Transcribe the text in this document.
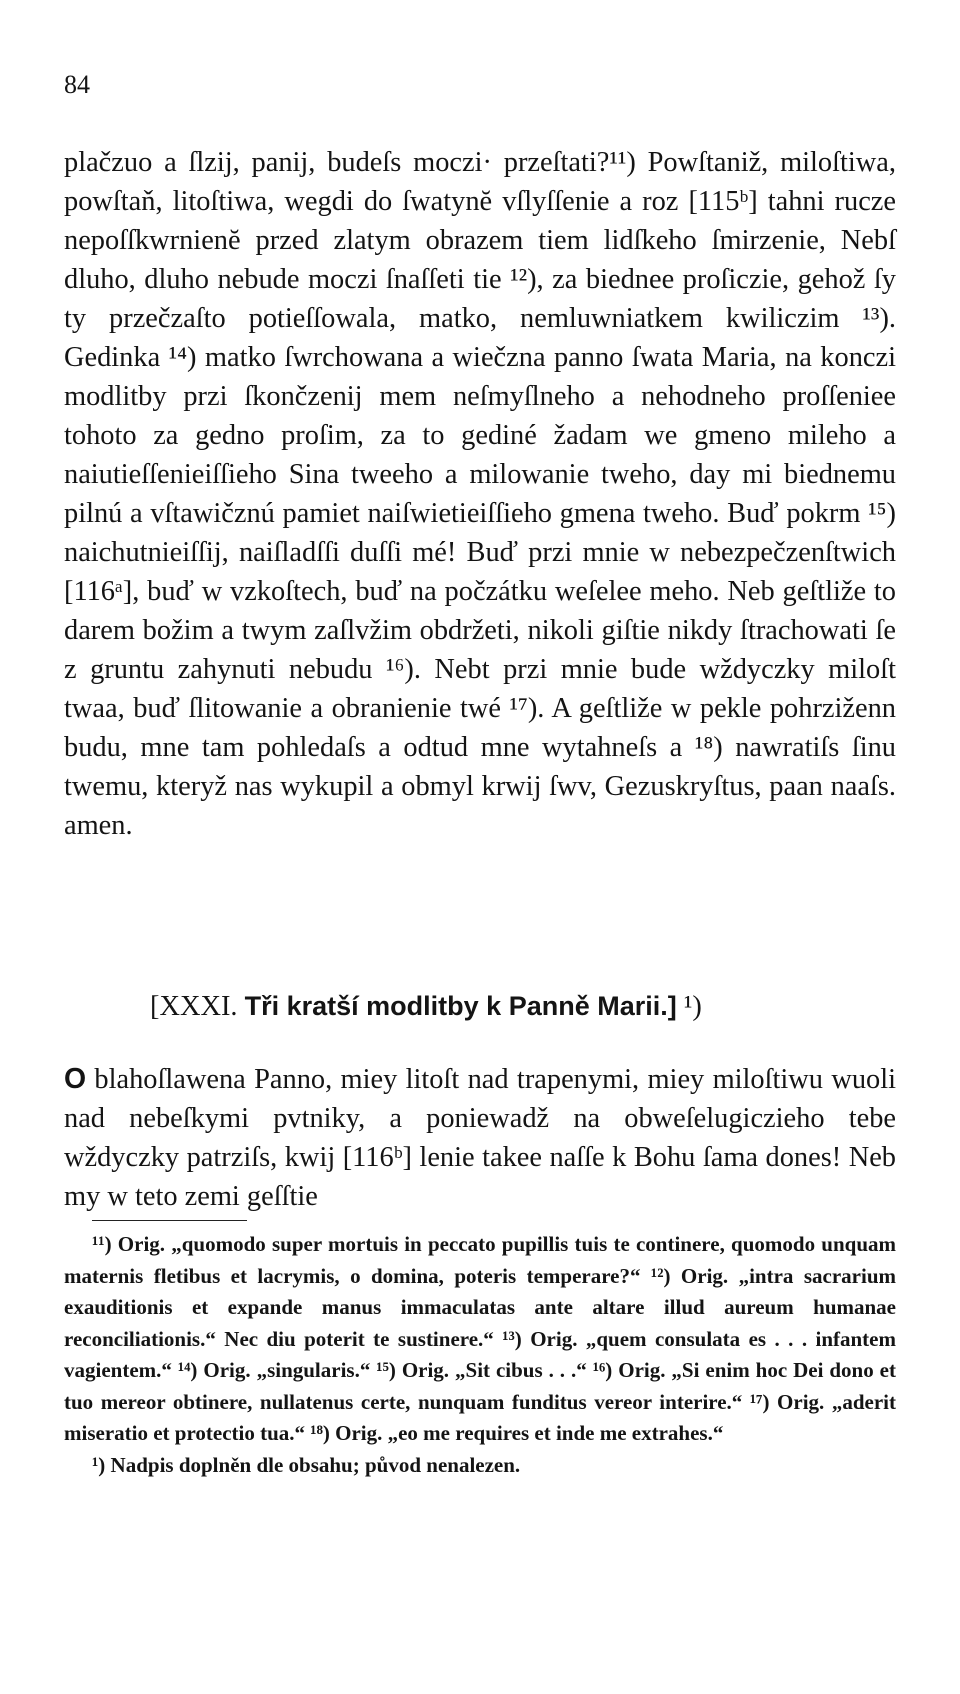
84

plačzuo a ſlzij, panij, budeſs moczi· przeſtati?¹¹) Powſtaniž, miloſtiwa, powſtaň, litoſtiwa, wegdi do ſwatynĕ vſlyſſenie a roz [115ᵇ] tahni rucze nepoſſkwrnienĕ przed zlatym obrazem tiem lidſkeho ſmirzenie, Nebſ dluho, dluho nebude moczi ſnaſſeti tie ¹²), za biednee proſiczie, gehož ſy ty przečzaſto potieſſowala, matko, nemluwniatkem kwiliczim ¹³). Gedinka ¹⁴) matko ſwrchowana a wiečzna panno ſwata Maria, na konczi modlitby przi ſkončzenij mem neſmyſlneho a nehodneho proſſeniee tohoto za gedno proſim, za to gediné žadam we gmeno mileho a naiutieſſenieiſſieho Sina tweeho a milowanie tweho, day mi biednemu pilnú a vſtawičznú pamiet naiſwietieiſſieho gmena tweho. Buď pokrm ¹⁵) naichutnieiſſij, naiſladſſi duſſi mé! Buď przi mnie w nebezpečzenſtwich [116ᵃ], buď w vzkoſtech, buď na počzátku weſelee meho. Neb geſtliže to darem božim a twym zaſlvžim obdržeti, nikoli giſtie nikdy ſtrachowati ſe z gruntu zahynuti nebudu ¹⁶). Nebt przi mnie bude wždyczky miloſt twaa, buď ſlitowanie a obranienie twé ¹⁷). A geſtliže w pekle pohrziženn budu, mne tam pohledaſs a odtud mne wytahneſs a ¹⁸) nawratiſs ſinu twemu, kteryž nas wykupil a obmyl krwij ſwv, Gezuskryſtus, paan naaſs. amen.

[XXXI. Tři kratší modlitby k Panně Marii.] ¹)

O blahoſlawena Panno, miey litoſt nad trapenymi, miey miloſtiwu wuoli nad nebeſkymi pvtniky, a poniewadž na obweſelugiczieho tebe wždyczky patrziſs, kwij [116ᵇ] lenie takee naſſe k Bohu ſama dones! Neb my w teto zemi geſſtie

¹¹) Orig. „quomodo super mortuis in peccato pupillis tuis te continere, quomodo unquam maternis fletibus et lacrymis, o domina, poteris temperare?“ ¹²) Orig. „intra sacrarium exauditionis et expande manus immaculatas ante altare illud aureum humanae reconciliationis.“ Nec diu poterit te sustinere.“ ¹³) Orig. „quem consulata es . . . infantem vagientem.“ ¹⁴) Orig. „singularis.“ ¹⁵) Orig. „Sit cibus . . .“ ¹⁶) Orig. „Si enim hoc Dei dono et tuo mereor obtinere, nullatenus certe, nunquam funditus vereor interire.“ ¹⁷) Orig. „aderit miseratio et protectio tua.“ ¹⁸) Orig. „eo me requires et inde me extrahes.“

¹) Nadpis doplněn dle obsahu; původ nenalezen.
